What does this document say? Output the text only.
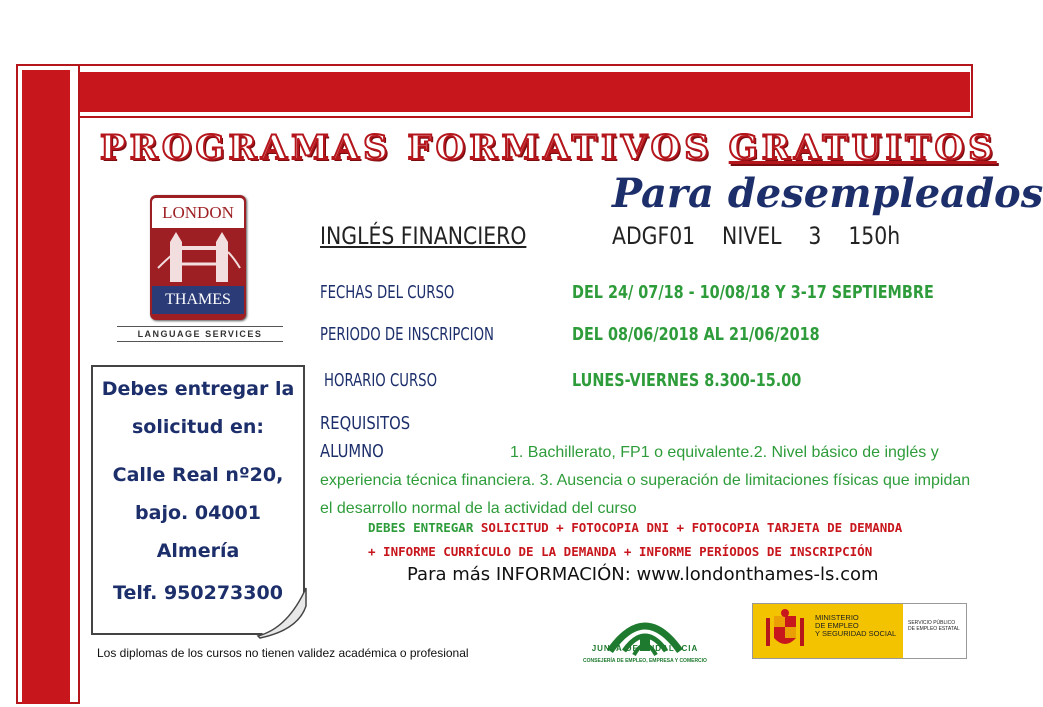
PROGRAMAS FORMATIVOS GRATUITOS
Para desempleados
LONDON
THAMES
LANGUAGE SERVICES
Debes entregar la
solicitud en:
Calle Real nº20,
bajo. 04001
Almería
Telf. 950273300
INGLÉS FINANCIERO	ADGF01 NIVEL 3 150h
FECHAS DEL CURSO	DEL 24/ 07/18 - 10/08/18 Y 3-17 SEPTIEMBRE
PERIODO DE INSCRIPCION	DEL 08/06/2018 AL 21/06/2018
HORARIO CURSO	LUNES-VIERNES 8.300-15.00
REQUISITOS ALUMNO	1. Bachillerato, FP1 o equivalente.2. Nivel básico de inglés y experiencia técnica financiera. 3. Ausencia o superación de limitaciones físicas que impidan el desarrollo normal de la actividad del curso
DEBES ENTREGAR SOLICITUD + FOTOCOPIA DNI + FOTOCOPIA TARJETA DE DEMANDA
+ INFORME CURRÍCULO DE LA DEMANDA + INFORME PERÍODOS DE INSCRIPCIÓN
Para más INFORMACIÓN: www.londonthames-ls.com
Los diplomas de los cursos no tienen validez académica o profesional	JUNTA DE ANDALUCIA
CONSEJERÍA DE EMPLEO, EMPRESA Y COMERCIO
MINISTERIO
DE EMPLEO
Y SEGURIDAD SOCIAL
SERVICIO PÚBLICO
DE EMPLEO ESTATAL
